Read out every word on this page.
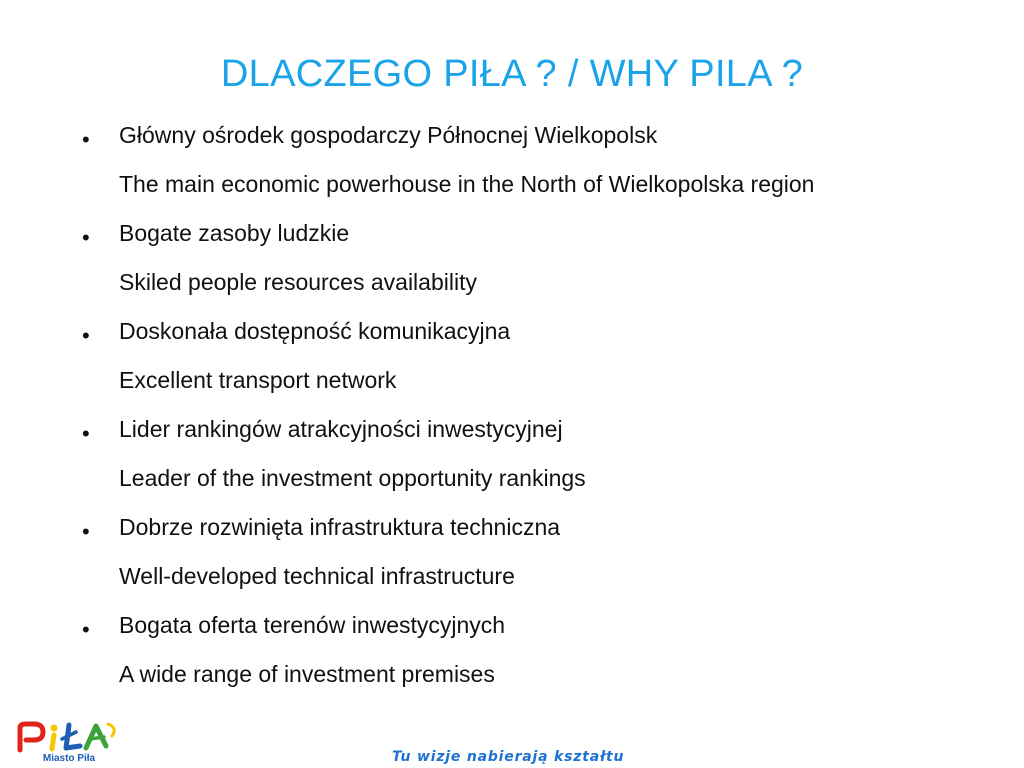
DLACZEGO PIŁA ? / WHY PILA ?
• Główny ośrodek gospodarczy Północnej Wielkopolsk
The main economic powerhouse in the North of Wielkopolska region
• Bogate zasoby ludzkie
Skiled people resources availability
• Doskonała dostępność komunikacyjna
Excellent transport network
• Lider rankingów atrakcyjności inwestycyjnej
Leader of the investment opportunity rankings
• Dobrze rozwinięta infrastruktura techniczna
Well-developed technical infrastructure
• Bogata oferta terenów inwestycyjnych
A wide range of investment premises
Miasto Piła	Tu wizje nabierają kształtu
